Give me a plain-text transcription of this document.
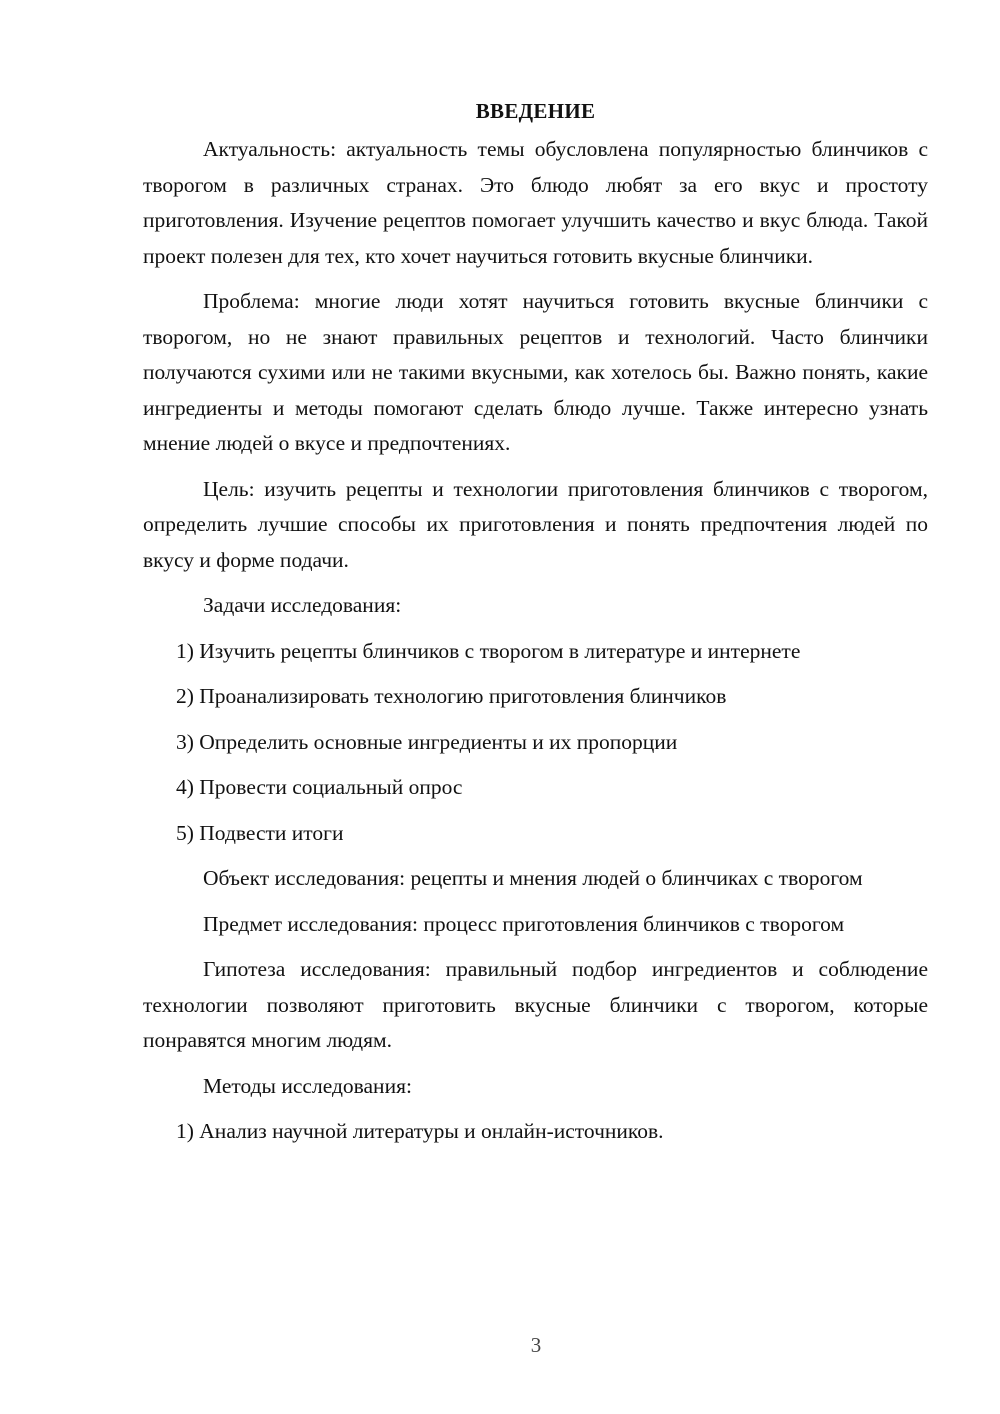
ВВЕДЕНИЕ

Актуальность: актуальность темы обусловлена популярностью блинчиков с творогом в различных странах. Это блюдо любят за его вкус и простоту приготовления. Изучение рецептов помогает улучшить качество и вкус блюда. Такой проект полезен для тех, кто хочет научиться готовить вкусные блинчики.

Проблема: многие люди хотят научиться готовить вкусные блинчики с творогом, но не знают правильных рецептов и технологий. Часто блинчики получаются сухими или не такими вкусными, как хотелось бы. Важно понять, какие ингредиенты и методы помогают сделать блюдо лучше. Также интересно узнать мнение людей о вкусе и предпочтениях.

Цель: изучить рецепты и технологии приготовления блинчиков с творогом, определить лучшие способы их приготовления и понять предпочтения людей по вкусу и форме подачи.

Задачи исследования:

1) Изучить рецепты блинчиков с творогом в литературе и интернете
2) Проанализировать технологию приготовления блинчиков
3) Определить основные ингредиенты и их пропорции
4) Провести социальный опрос
5) Подвести итоги

Объект исследования: рецепты и мнения людей о блинчиках с творогом

Предмет исследования: процесс приготовления блинчиков с творогом

Гипотеза исследования: правильный подбор ингредиентов и соблюдение технологии позволяют приготовить вкусные блинчики с творогом, которые понравятся многим людям.

Методы исследования:

1) Анализ научной литературы и онлайн-источников.
3
